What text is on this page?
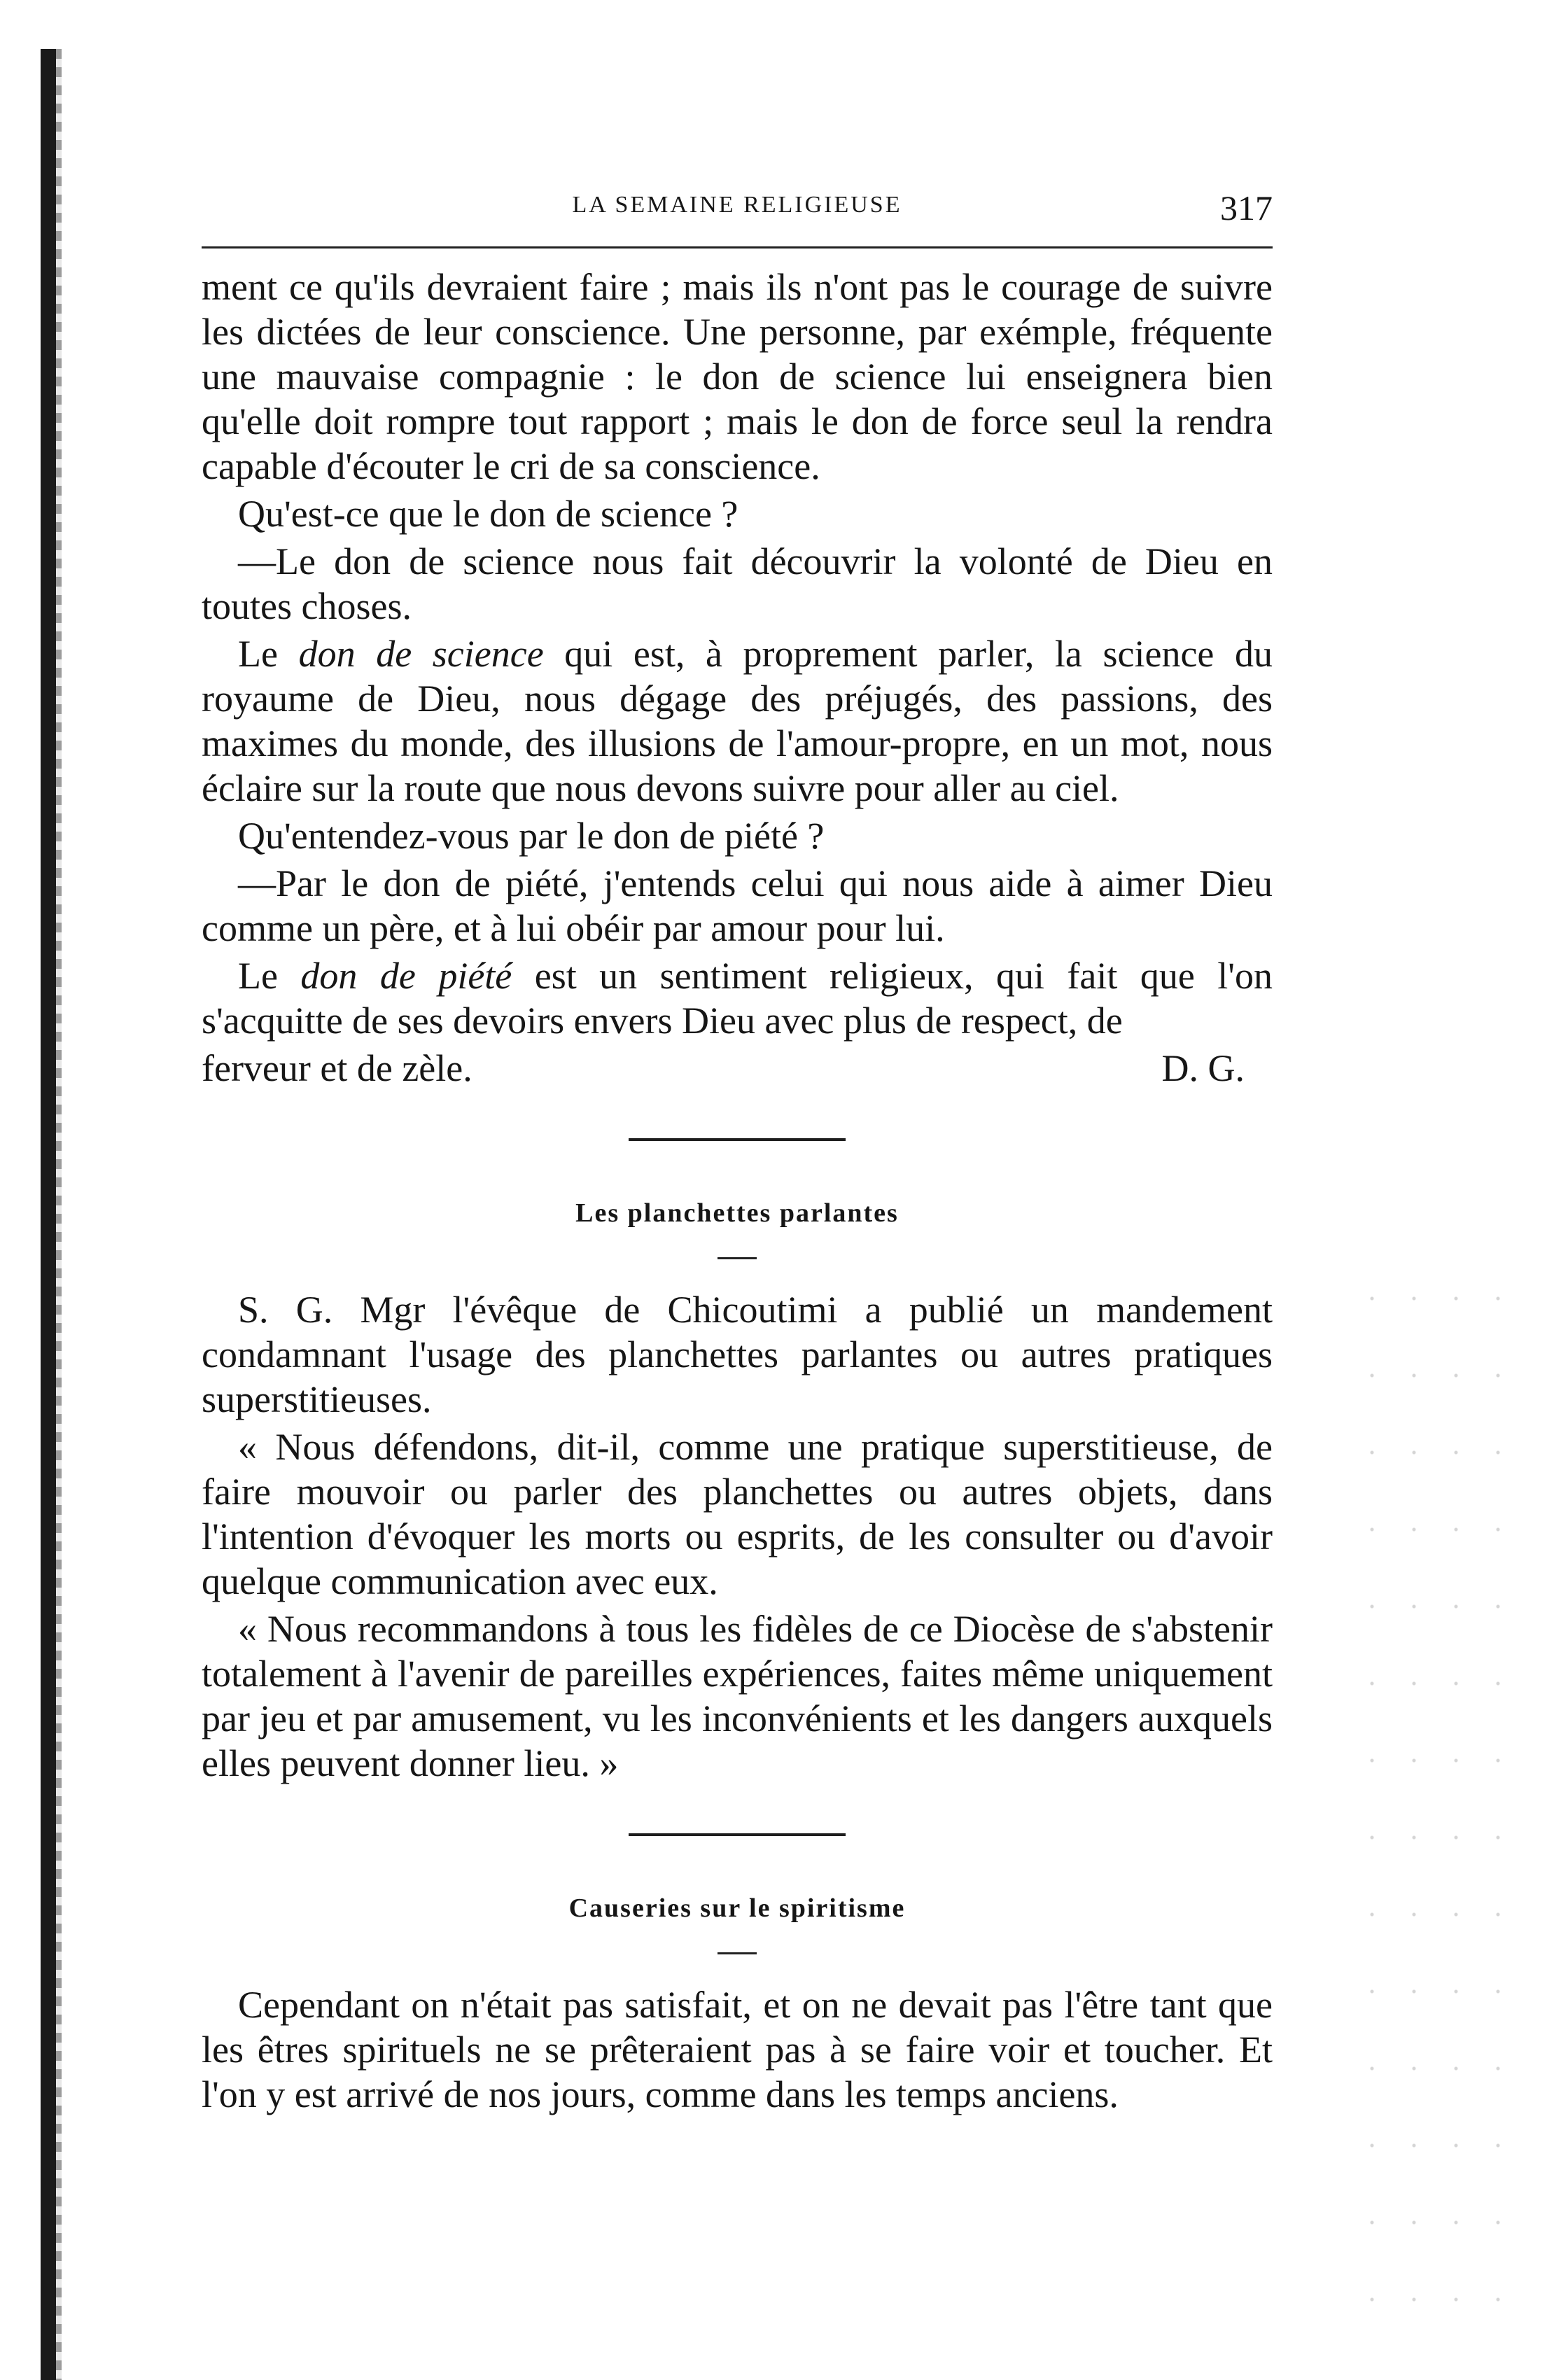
LA SEMAINE RELIGIEUSE	317

ment ce qu'ils devraient faire ; mais ils n'ont pas le courage de suivre les dictées de leur conscience. Une personne, par exémple, fréquente une mauvaise compagnie : le don de science lui enseignera bien qu'elle doit rompre tout rapport ; mais le don de force seul la rendra capable d'écouter le cri de sa conscience.

Qu'est-ce que le don de science ?

—Le don de science nous fait découvrir la volonté de Dieu en toutes choses.

Le don de science qui est, à proprement parler, la science du royaume de Dieu, nous dégage des préjugés, des passions, des maximes du monde, des illusions de l'amour-propre, en un mot, nous éclaire sur la route que nous devons suivre pour aller au ciel.

Qu'entendez-vous par le don de piété ?

—Par le don de piété, j'entends celui qui nous aide à aimer Dieu comme un père, et à lui obéir par amour pour lui.

Le don de piété est un sentiment religieux, qui fait que l'on s'acquitte de ses devoirs envers Dieu avec plus de respect, de

ferveur et de zèle.	D. G.
Les planchettes parlantes

S. G. Mgr l'évêque de Chicoutimi a publié un mandement condamnant l'usage des planchettes parlantes ou autres pratiques superstitieuses.

« Nous défendons, dit-il, comme une pratique superstitieuse, de faire mouvoir ou parler des planchettes ou autres objets, dans l'intention d'évoquer les morts ou esprits, de les consulter ou d'avoir quelque communication avec eux.

« Nous recommandons à tous les fidèles de ce Diocèse de s'abstenir totalement à l'avenir de pareilles expériences, faites même uniquement par jeu et par amusement, vu les inconvénients et les dangers auxquels elles peuvent donner lieu. »

Causeries sur le spiritisme

Cependant on n'était pas satisfait, et on ne devait pas l'être tant que les êtres spirituels ne se prêteraient pas à se faire voir et toucher. Et l'on y est arrivé de nos jours, comme dans les temps anciens.
